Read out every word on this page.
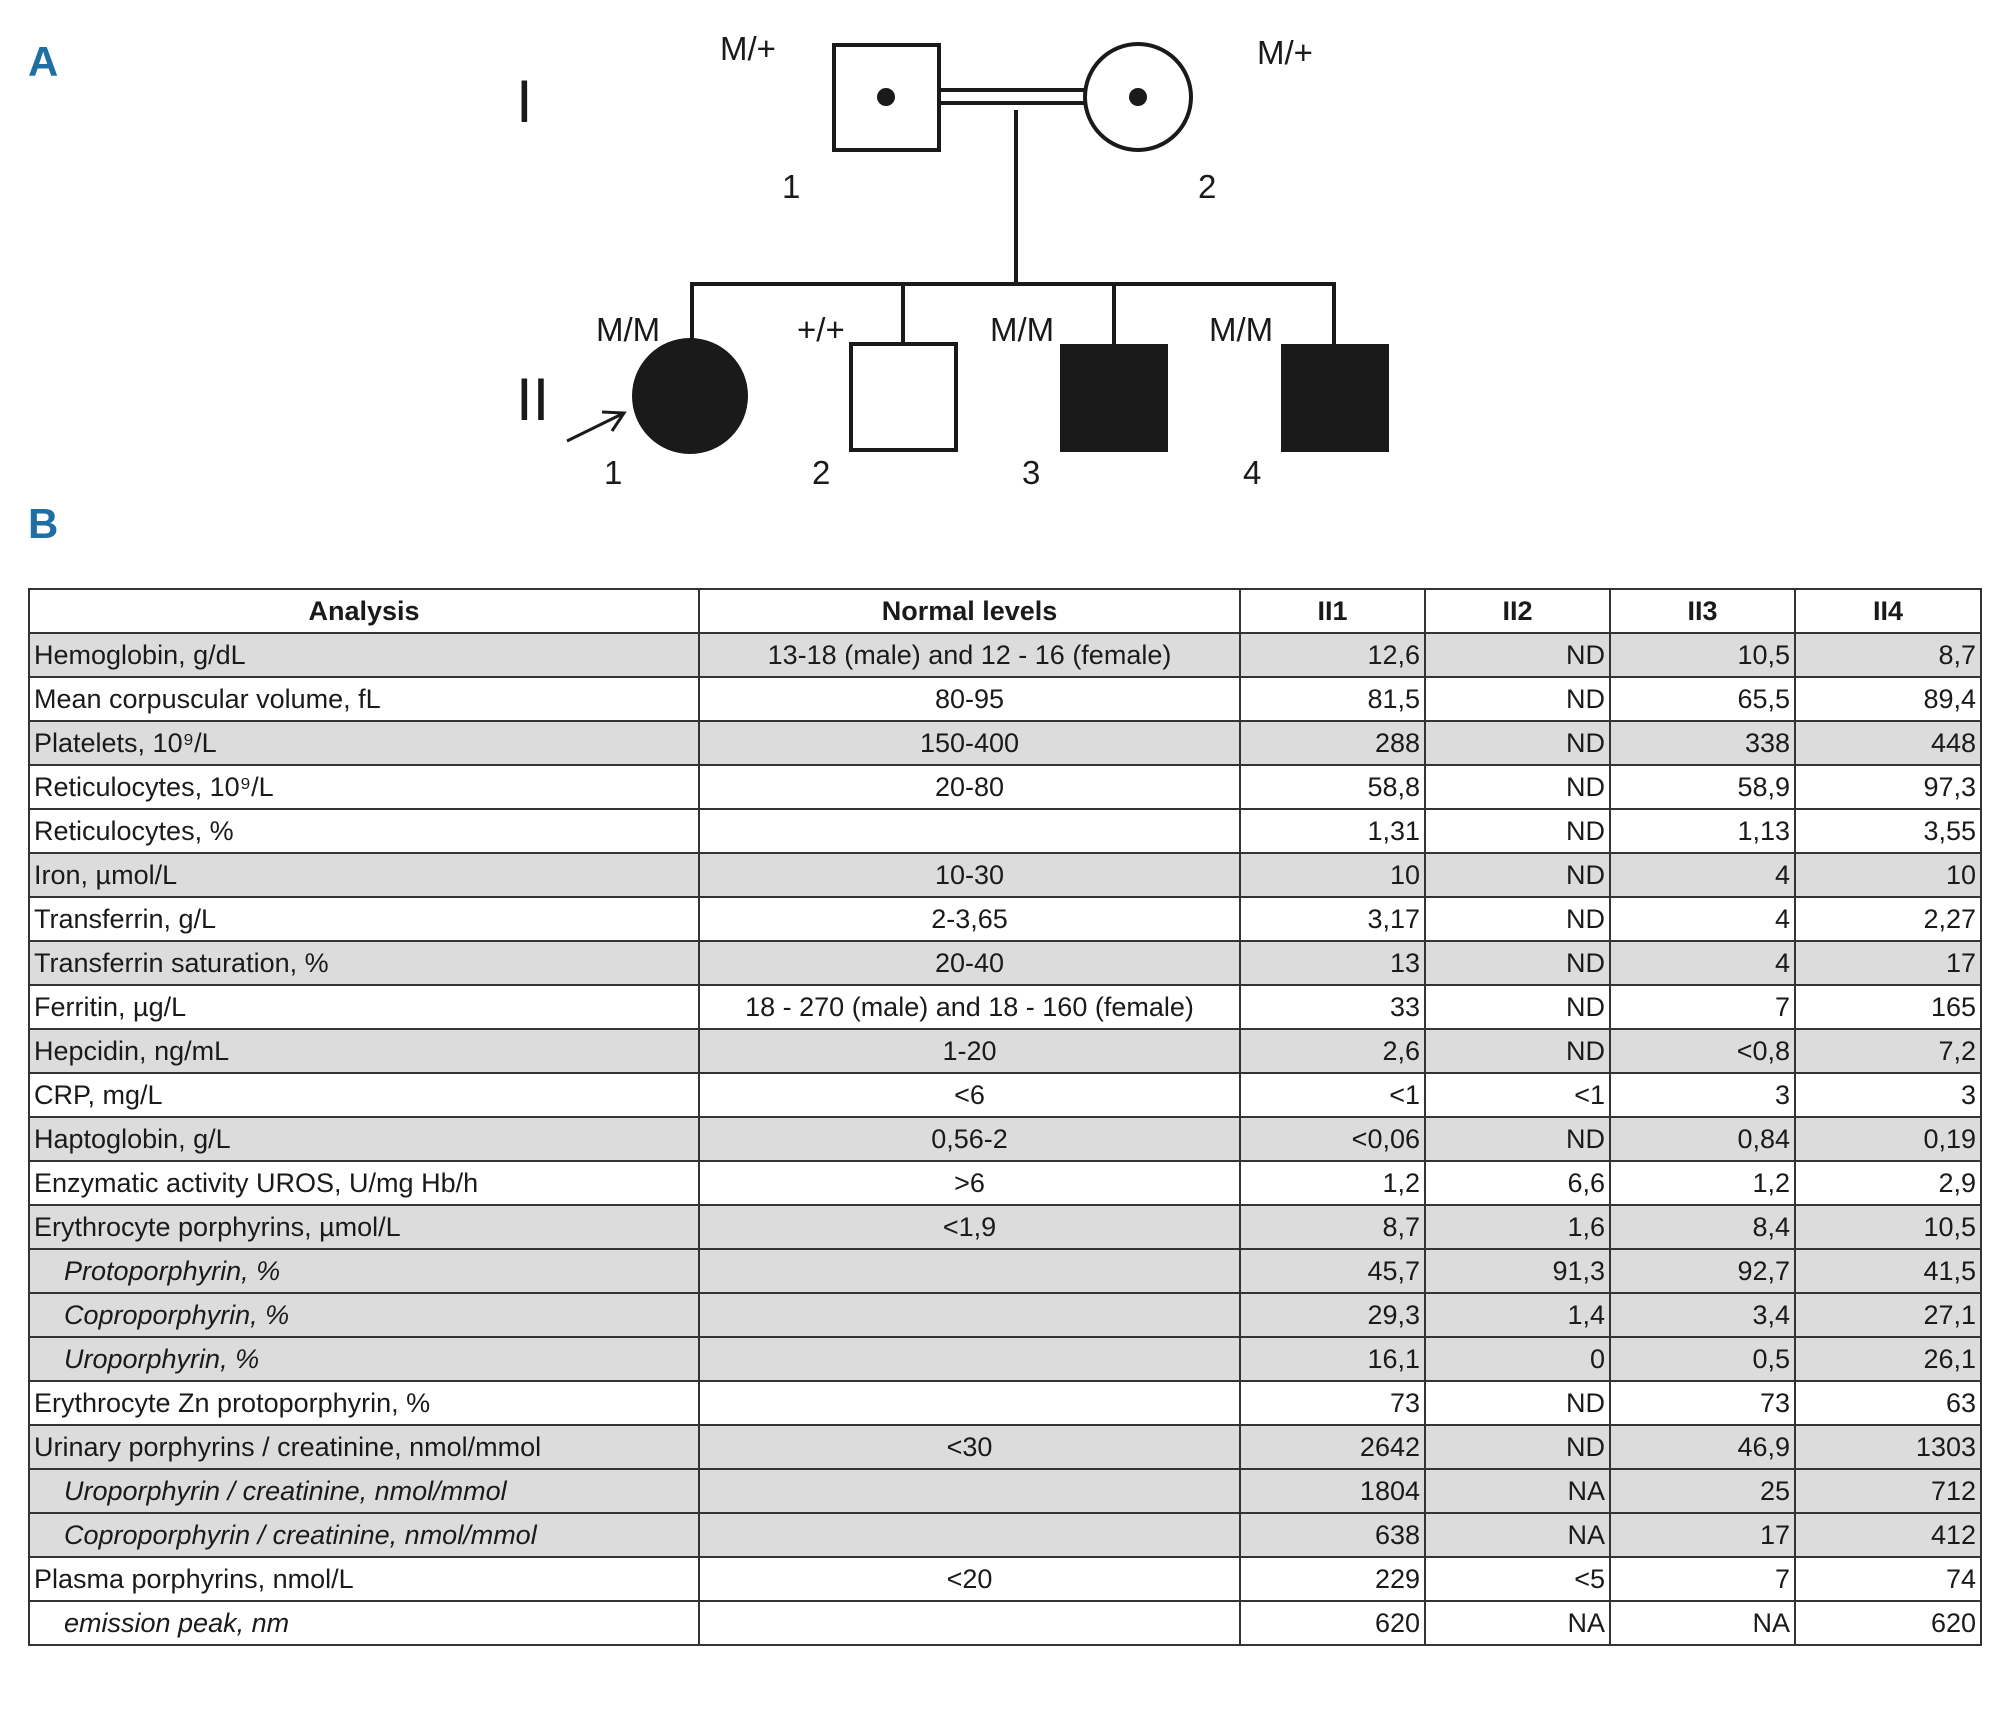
A
B
I
II
M/+	M/+
1	2
M/M	+/+	M/M	M/M
1	2	3	4
Analysis	Normal levels	II1	II2	II3	II4
Hemoglobin, g/dL	13-18 (male) and 12 - 16 (female)	12,6	ND	10,5	8,7
Mean corpuscular volume, fL	80-95	81,5	ND	65,5	89,4
Platelets, 10⁹/L	150-400	288	ND	338	448
Reticulocytes, 10⁹/L	20-80	58,8	ND	58,9	97,3
Reticulocytes, %		1,31	ND	1,13	3,55
Iron, µmol/L	10-30	10	ND	4	10
Transferrin, g/L	2-3,65	3,17	ND	4	2,27
Transferrin saturation, %	20-40	13	ND	4	17
Ferritin, µg/L	18 - 270 (male) and 18 - 160 (female)	33	ND	7	165
Hepcidin, ng/mL	1-20	2,6	ND	<0,8	7,2
CRP, mg/L	<6	<1	<1	3	3
Haptoglobin, g/L	0,56-2	<0,06	ND	0,84	0,19
Enzymatic activity UROS, U/mg Hb/h	>6	1,2	6,6	1,2	2,9
Erythrocyte porphyrins, µmol/L	<1,9	8,7	1,6	8,4	10,5
Protoporphyrin, %		45,7	91,3	92,7	41,5
Coproporphyrin, %		29,3	1,4	3,4	27,1
Uroporphyrin, %		16,1	0	0,5	26,1
Erythrocyte Zn protoporphyrin, %		73	ND	73	63
Urinary porphyrins / creatinine, nmol/mmol	<30	2642	ND	46,9	1303
Uroporphyrin / creatinine, nmol/mmol		1804	NA	25	712
Coproporphyrin / creatinine, nmol/mmol		638	NA	17	412
Plasma porphyrins, nmol/L	<20	229	<5	7	74
emission peak, nm		620	NA	NA	620
